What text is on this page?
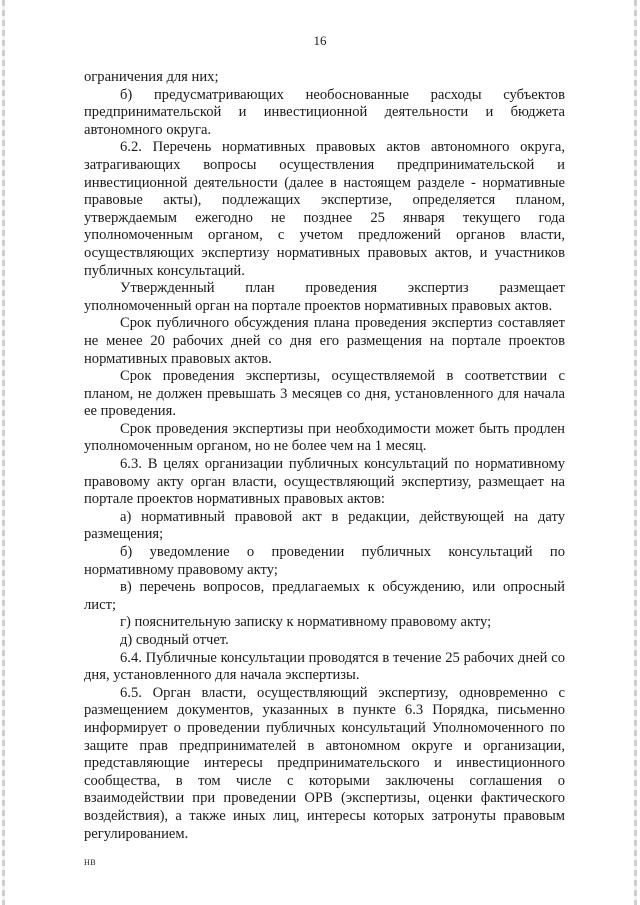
16

ограничения для них;

б) предусматривающих необоснованные расходы субъектов предпринимательской и инвестиционной деятельности и бюджета автономного округа.

6.2. Перечень нормативных правовых актов автономного округа, затрагивающих вопросы осуществления предпринимательской и инвестиционной деятельности (далее в настоящем разделе - нормативные правовые акты), подлежащих экспертизе, определяется планом, утверждаемым ежегодно не позднее 25 января текущего года уполномоченным органом, с учетом предложений органов власти, осуществляющих экспертизу нормативных правовых актов, и участников публичных консультаций.

Утвержденный план проведения экспертиз размещает уполномоченный орган на портале проектов нормативных правовых актов.

Срок публичного обсуждения плана проведения экспертиз составляет не менее 20 рабочих дней со дня его размещения на портале проектов нормативных правовых актов.

Срок проведения экспертизы, осуществляемой в соответствии с планом, не должен превышать 3 месяцев со дня, установленного для начала ее проведения.

Срок проведения экспертизы при необходимости может быть продлен уполномоченным органом, но не более чем на 1 месяц.

6.3. В целях организации публичных консультаций по нормативному правовому акту орган власти, осуществляющий экспертизу, размещает на портале проектов нормативных правовых актов:

а) нормативный правовой акт в редакции, действующей на дату размещения;

б) уведомление о проведении публичных консультаций по нормативному правовому акту;

в) перечень вопросов, предлагаемых к обсуждению, или опросный лист;

г) пояснительную записку к нормативному правовому акту;

д) сводный отчет.

6.4. Публичные консультации проводятся в течение 25 рабочих дней со дня, установленного для начала экспертизы.

6.5. Орган власти, осуществляющий экспертизу, одновременно с размещением документов, указанных в пункте 6.3 Порядка, письменно информирует о проведении публичных консультаций Уполномоченного по защите прав предпринимателей в автономном округе и организации, представляющие интересы предпринимательского и инвестиционного сообщества, в том числе с которыми заключены соглашения о взаимодействии при проведении ОРВ (экспертизы, оценки фактического воздействия), а также иных лиц, интересы которых затронуты правовым регулированием.

НВ
